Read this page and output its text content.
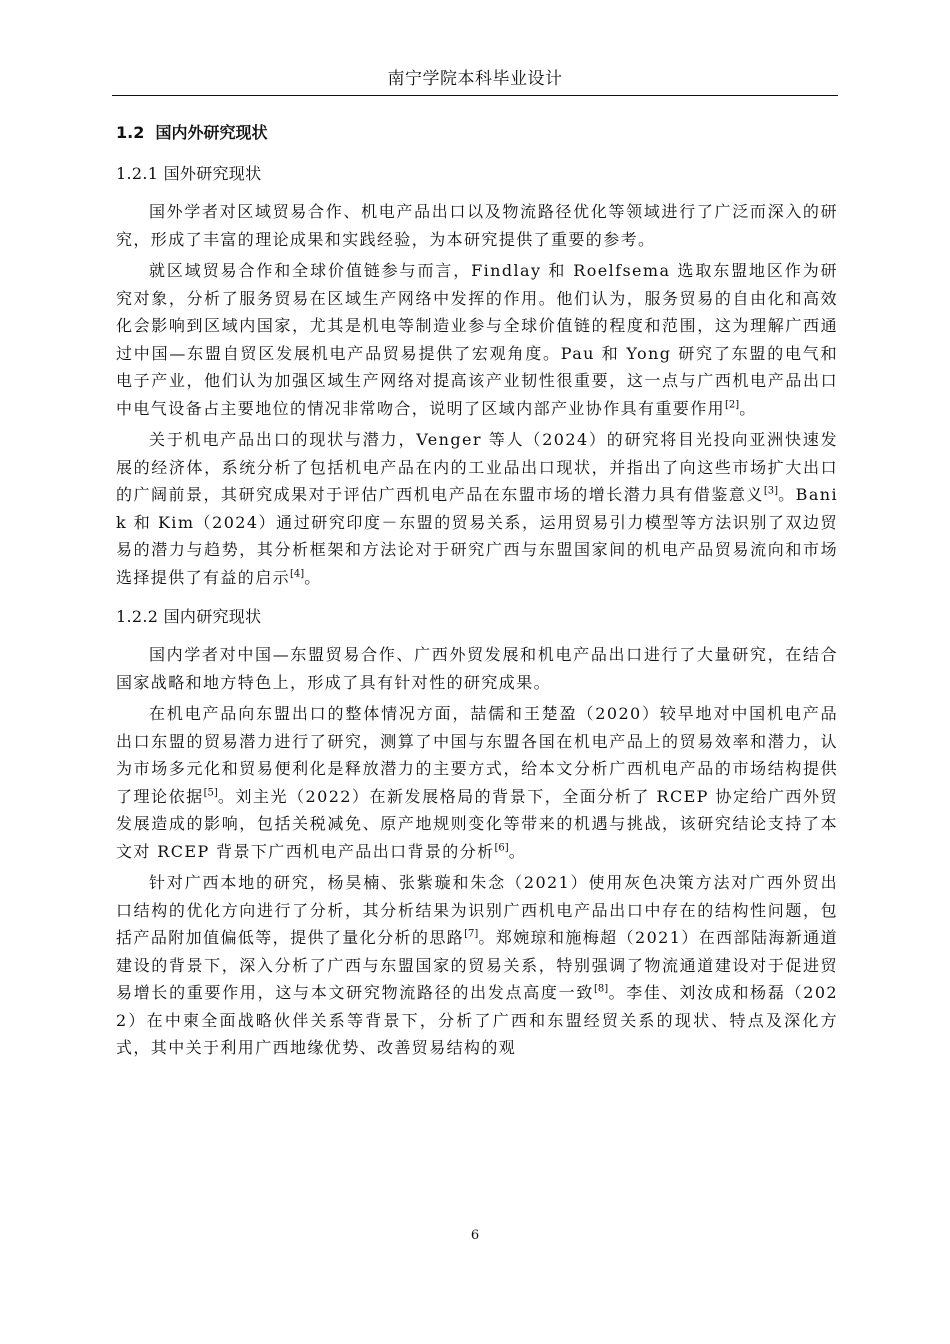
南宁学院本科毕业设计

1.2 国内外研究现状

1.2.1 国外研究现状

国外学者对区域贸易合作、机电产品出口以及物流路径优化等领域进行了广泛而深入的研究，形成了丰富的理论成果和实践经验，为本研究提供了重要的参考。

就区域贸易合作和全球价值链参与而言，Findlay 和 Roelfsema 选取东盟地区作为研究对象，分析了服务贸易在区域生产网络中发挥的作用。他们认为，服务贸易的自由化和高效化会影响到区域内国家，尤其是机电等制造业参与全球价值链的程度和范围，这为理解广西通过中国—东盟自贸区发展机电产品贸易提供了宏观角度。Pau 和 Yong 研究了东盟的电气和电子产业，他们认为加强区域生产网络对提高该产业韧性很重要，这一点与广西机电产品出口中电气设备占主要地位的情况非常吻合，说明了区域内部产业协作具有重要作用[2]。

关于机电产品出口的现状与潜力，Venger 等人（2024）的研究将目光投向亚洲快速发展的经济体，系统分析了包括机电产品在内的工业品出口现状，并指出了向这些市场扩大出口的广阔前景，其研究成果对于评估广西机电产品在东盟市场的增长潜力具有借鉴意义[3]。Banik 和 Kim（2024）通过研究印度－东盟的贸易关系，运用贸易引力模型等方法识别了双边贸易的潜力与趋势，其分析框架和方法论对于研究广西与东盟国家间的机电产品贸易流向和市场选择提供了有益的启示[4]。

1.2.2 国内研究现状

国内学者对中国—东盟贸易合作、广西外贸发展和机电产品出口进行了大量研究，在结合国家战略和地方特色上，形成了具有针对性的研究成果。

在机电产品向东盟出口的整体情况方面，喆儒和王楚盈（2020）较早地对中国机电产品出口东盟的贸易潜力进行了研究，测算了中国与东盟各国在机电产品上的贸易效率和潜力，认为市场多元化和贸易便利化是释放潜力的主要方式，给本文分析广西机电产品的市场结构提供了理论依据[5]。刘主光（2022）在新发展格局的背景下，全面分析了 RCEP 协定给广西外贸发展造成的影响，包括关税减免、原产地规则变化等带来的机遇与挑战，该研究结论支持了本文对 RCEP 背景下广西机电产品出口背景的分析[6]。

针对广西本地的研究，杨昊楠、张紫璇和朱念（2021）使用灰色决策方法对广西外贸出口结构的优化方向进行了分析，其分析结果为识别广西机电产品出口中存在的结构性问题，包括产品附加值偏低等，提供了量化分析的思路[7]。郑婉琼和施梅超（2021）在西部陆海新通道建设的背景下，深入分析了广西与东盟国家的贸易关系，特别强调了物流通道建设对于促进贸易增长的重要作用，这与本文研究物流路径的出发点高度一致[8]。李佳、刘汝成和杨磊（2022）在中柬全面战略伙伴关系等背景下，分析了广西和东盟经贸关系的现状、特点及深化方式，其中关于利用广西地缘优势、改善贸易结构的观

6
